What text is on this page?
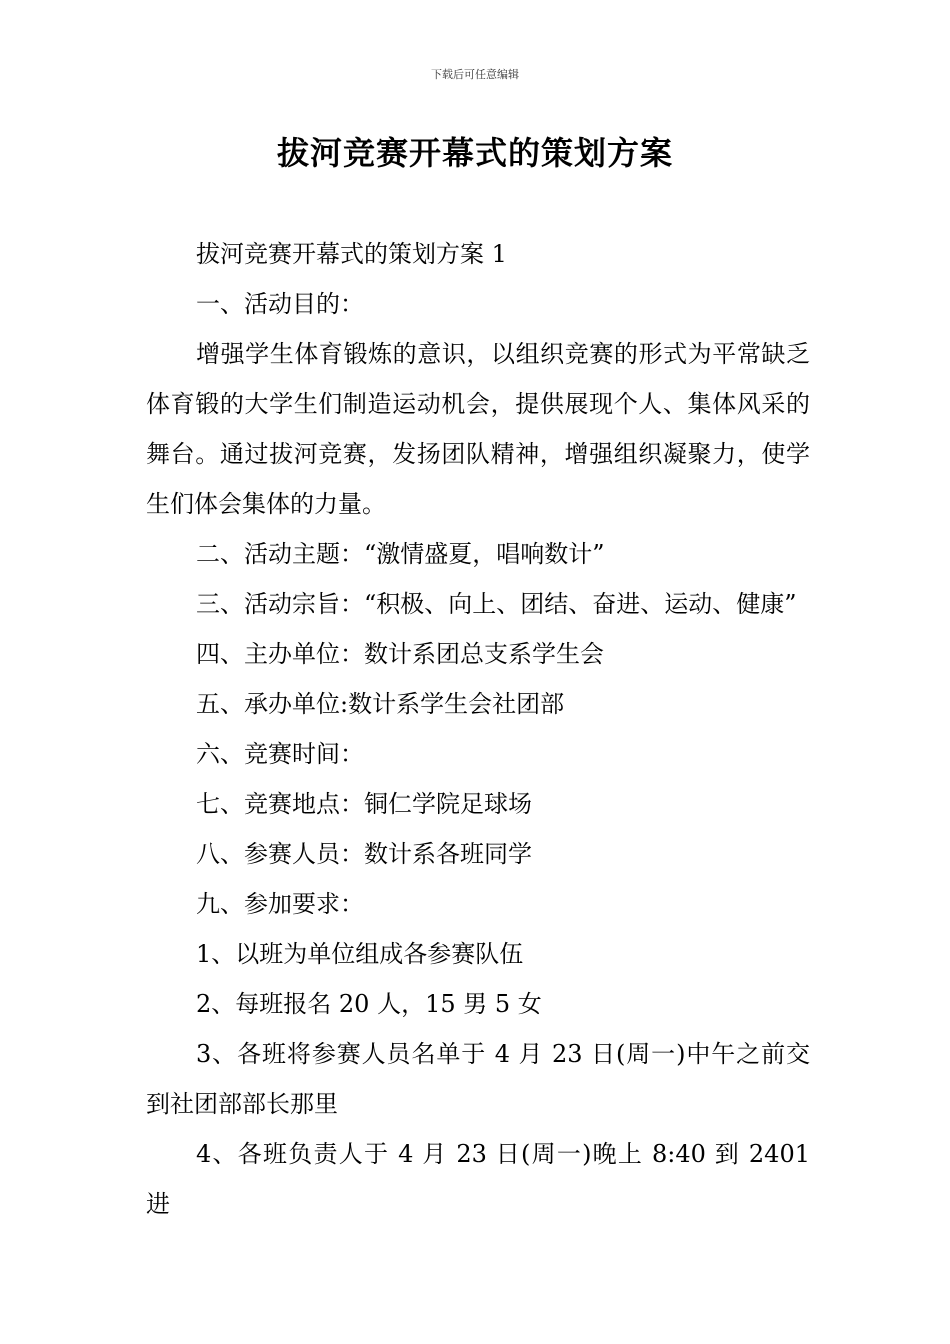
下载后可任意编辑
拔河竞赛开幕式的策划方案

拔河竞赛开幕式的策划方案 1

一、活动目的：

增强学生体育锻炼的意识，以组织竞赛的形式为平常缺乏体育锻的大学生们制造运动机会，提供展现个人、集体风采的舞台。通过拔河竞赛，发扬团队精神，增强组织凝聚力，使学生们体会集体的力量。

二、活动主题：“激情盛夏，唱响数计”

三、活动宗旨：“积极、向上、团结、奋进、运动、健康”

四、主办单位：数计系团总支系学生会

五、承办单位:数计系学生会社团部

六、竞赛时间：

七、竞赛地点：铜仁学院足球场

八、参赛人员：数计系各班同学

九、参加要求：

1、以班为单位组成各参赛队伍

2、每班报名 20 人，15 男 5 女

3、各班将参赛人员名单于 4 月 23 日(周一)中午之前交到社团部部长那里

4、各班负责人于 4 月 23 日(周一)晚上 8:40 到 2401 进
